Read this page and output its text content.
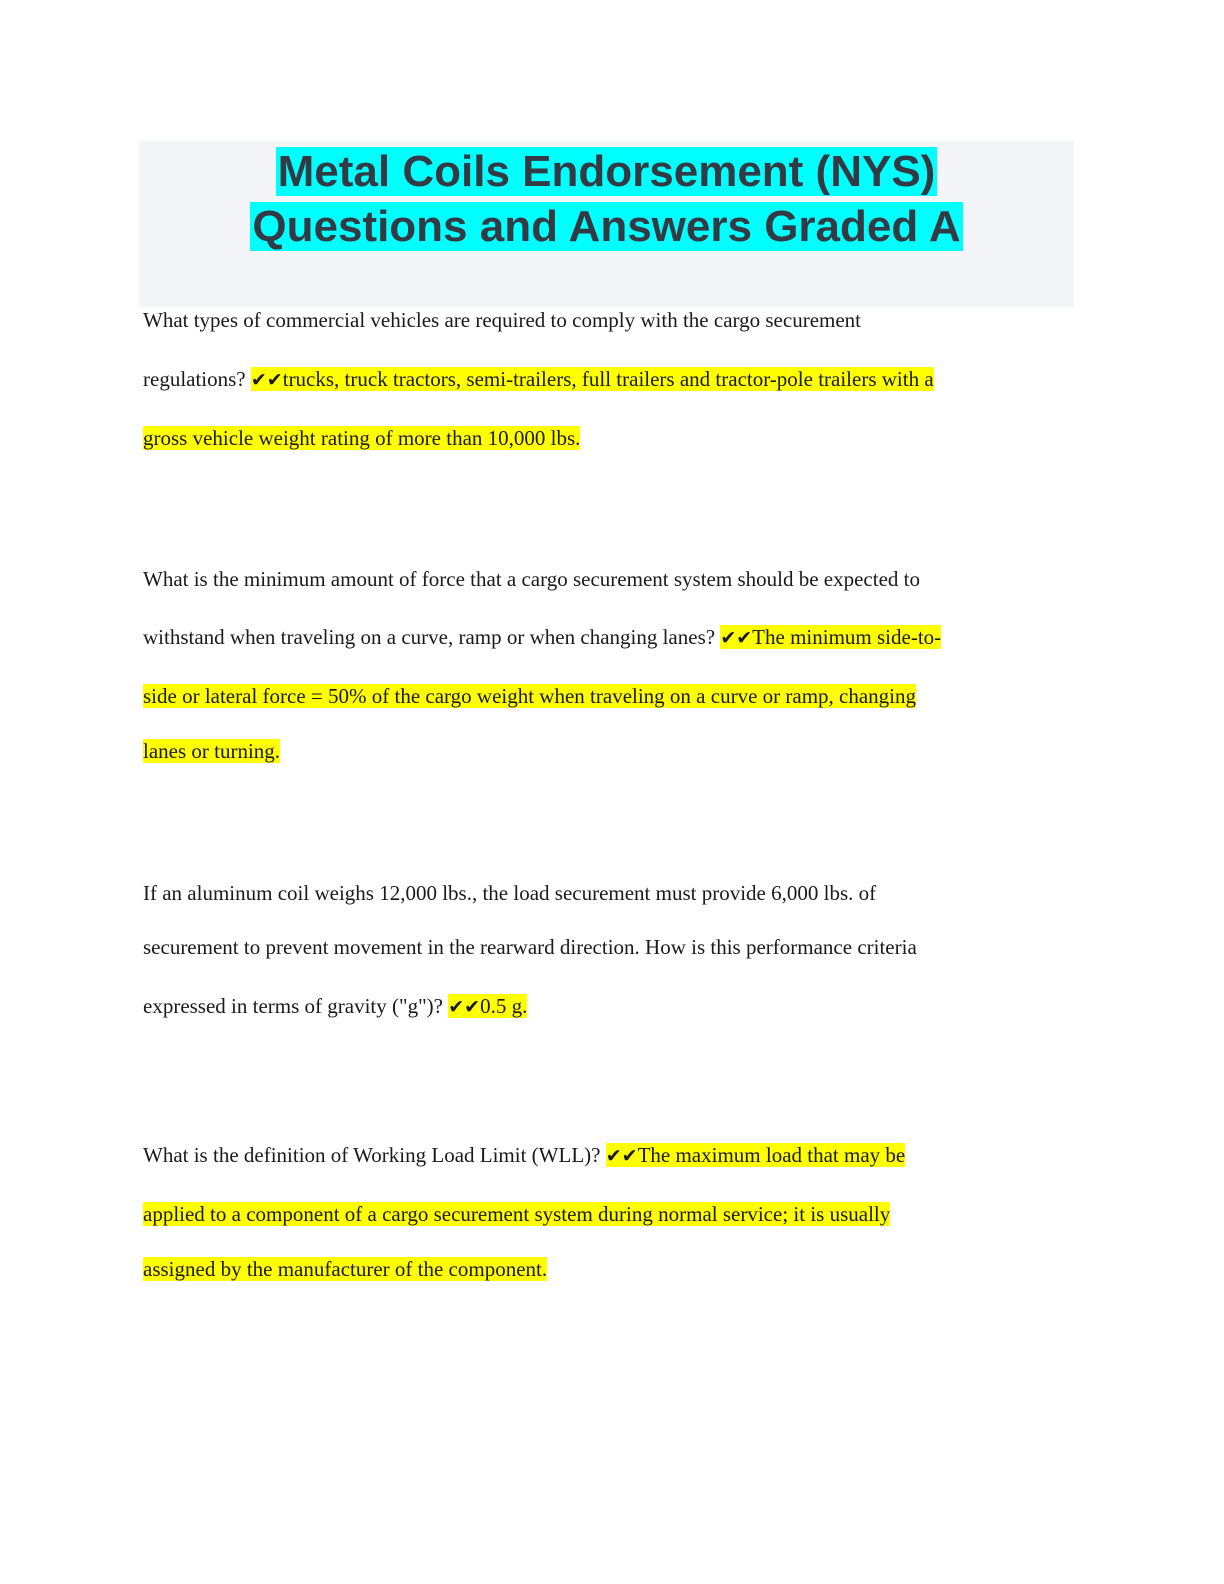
Metal Coils Endorsement (NYS)
Questions and Answers Graded A
What types of commercial vehicles are required to comply with the cargo securement
regulations? ✔✔trucks, truck tractors, semi-trailers, full trailers and tractor-pole trailers with a
gross vehicle weight rating of more than 10,000 lbs.
What is the minimum amount of force that a cargo securement system should be expected to
withstand when traveling on a curve, ramp or when changing lanes? ✔✔The minimum side-to-
side or lateral force = 50% of the cargo weight when traveling on a curve or ramp, changing
lanes or turning.
If an aluminum coil weighs 12,000 lbs., the load securement must provide 6,000 lbs. of
securement to prevent movement in the rearward direction. How is this performance criteria
expressed in terms of gravity ("g")? ✔✔0.5 g.
What is the definition of Working Load Limit (WLL)? ✔✔The maximum load that may be
applied to a component of a cargo securement system during normal service; it is usually
assigned by the manufacturer of the component.
